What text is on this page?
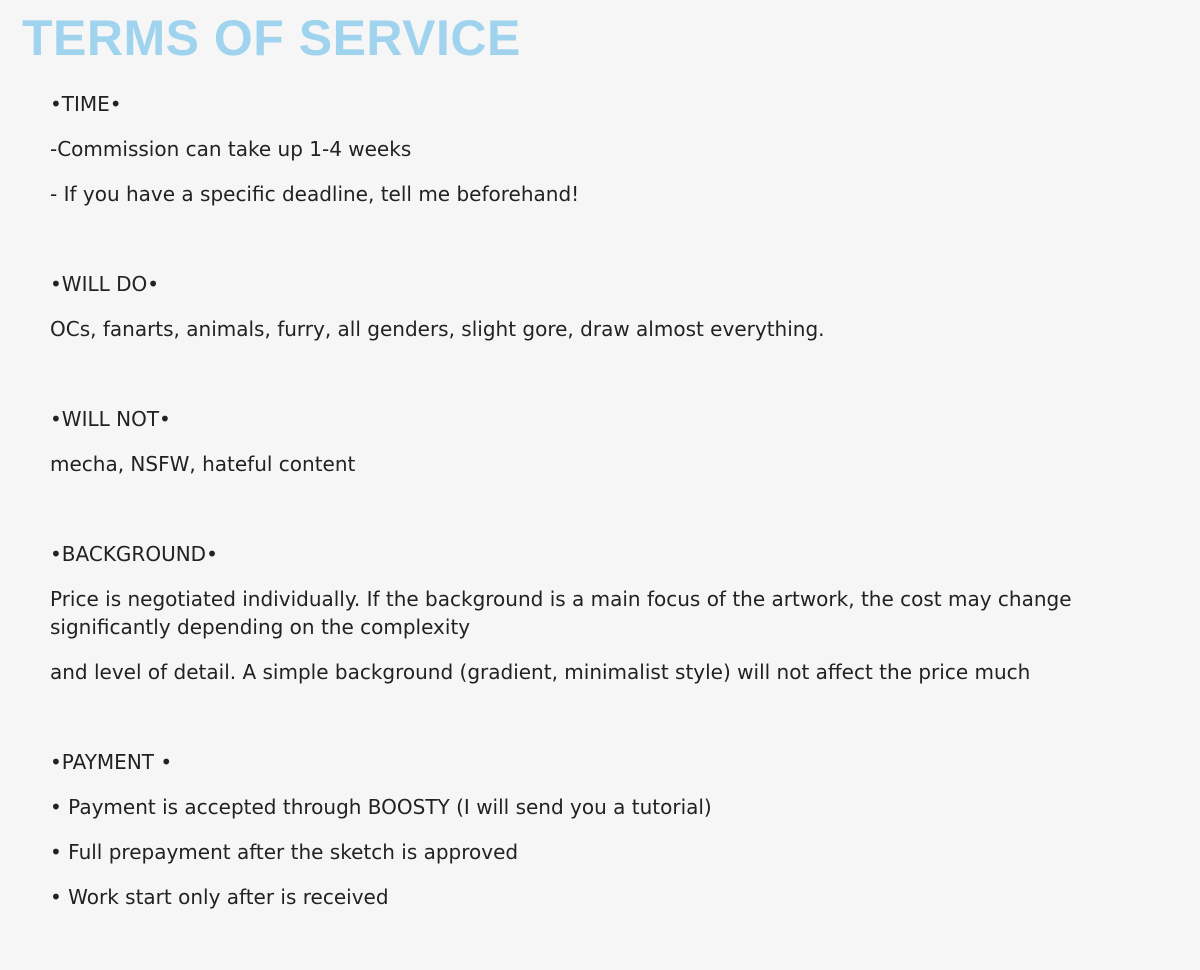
TERMS OF SERVICE

•TIME•

-Commission can take up 1-4 weeks

- If you have a specific deadline, tell me beforehand!

•WILL DO•

OCs, fanarts, animals, furry, all genders, slight gore, draw almost everything.

•WILL NOT•

mecha, NSFW, hateful content

•BACKGROUND•

Price is negotiated individually. If the background is a main focus of the artwork, the cost may change significantly depending on the complexity

and level of detail. A simple background (gradient, minimalist style) will not affect the price much

•PAYMENT •

• Payment is accepted through BOOSTY (I will send you a tutorial)

• Full prepayment after the sketch is approved

• Work start only after is received
